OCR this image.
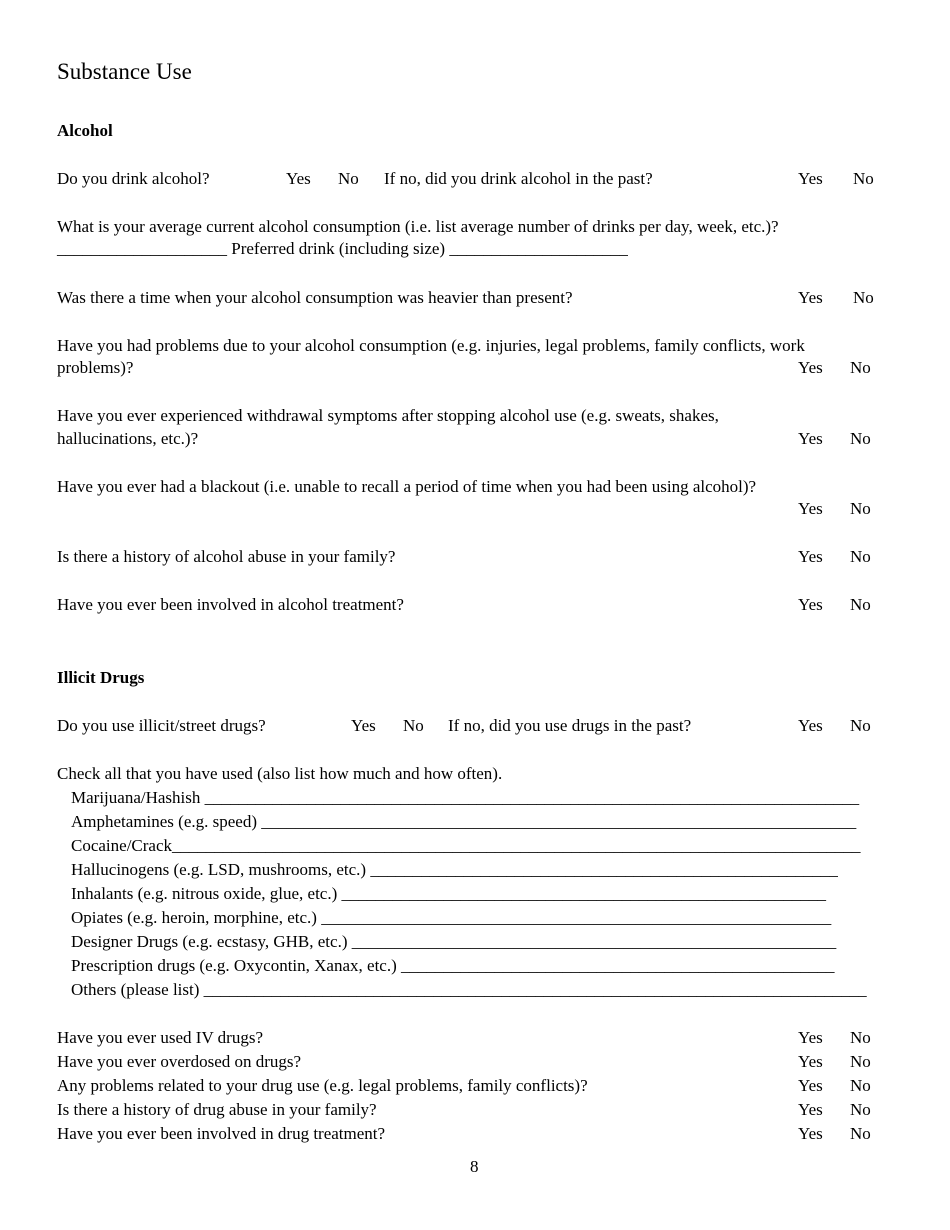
Substance Use
Alcohol
Do you drink alcohol?	Yes No If no, did you drink alcohol in the past?	Yes No
What is your average current alcohol consumption (i.e. list average number of drinks per day, week, etc.)?
____________________ Preferred drink (including size) _____________________
Was there a time when your alcohol consumption was heavier than present?	Yes No
Have you had problems due to your alcohol consumption (e.g. injuries, legal problems, family conflicts, work
problems)?	Yes No
Have you ever experienced withdrawal symptoms after stopping alcohol use (e.g. sweats, shakes,
hallucinations, etc.)?	Yes No
Have you ever had a blackout (i.e. unable to recall a period of time when you had been using alcohol)?
Yes No
Is there a history of alcohol abuse in your family?	Yes No
Have you ever been involved in alcohol treatment?	Yes No
Illicit Drugs
Do you use illicit/street drugs?	Yes No If no, did you use drugs in the past?	Yes No
Check all that you have used (also list how much and how often).
Marijuana/Hashish _____________________________________________________________________________
Amphetamines (e.g. speed) ______________________________________________________________________
Cocaine/Crack_________________________________________________________________________________
Hallucinogens (e.g. LSD, mushrooms, etc.) _______________________________________________________
Inhalants (e.g. nitrous oxide, glue, etc.) _________________________________________________________
Opiates (e.g. heroin, morphine, etc.) ____________________________________________________________
Designer Drugs (e.g. ecstasy, GHB, etc.) _________________________________________________________
Prescription drugs (e.g. Oxycontin, Xanax, etc.) ___________________________________________________
Others (please list) ______________________________________________________________________________
Have you ever used IV drugs?	Yes No
Have you ever overdosed on drugs?	Yes No
Any problems related to your drug use (e.g. legal problems, family conflicts)?	Yes No
Is there a history of drug abuse in your family?	Yes No
Have you ever been involved in drug treatment?	Yes No
8
